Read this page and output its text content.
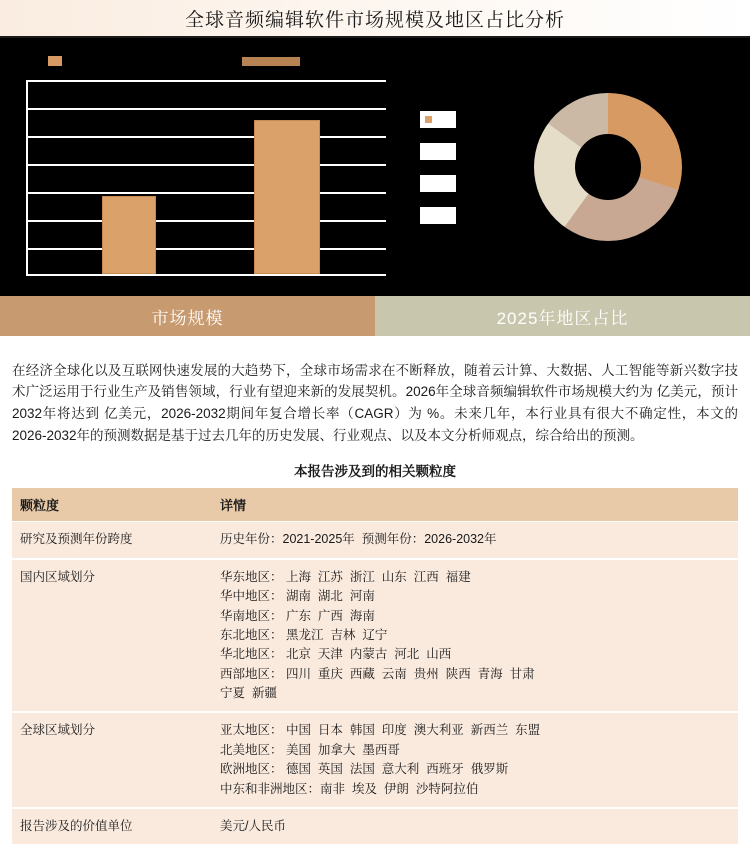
全球音频编辑软件市场规模及地区占比分析
市场规模	2025年地区占比

在经济全球化以及互联网快速发展的大趋势下，全球市场需求在不断释放，随着云计算、大数据、人工智能等新兴数字技术广泛运用于行业生产及销售领域，行业有望迎来新的发展契机。2026年全球音频编辑软件市场规模大约为 亿美元，预计2032年将达到 亿美元，2026-2032期间年复合增长率（CAGR）为 %。未来几年，本行业具有很大不确定性，本文的2026-2032年的预测数据是基于过去几年的历史发展、行业观点、以及本文分析师观点，综合给出的预测。

本报告涉及到的相关颗粒度
颗粒度	详情
研究及预测年份跨度	历史年份：2021-2025年  预测年份：2026-2032年

国内区域划分	华东地区： 上海  江苏  浙江  山东  江西  福建
华中地区： 湖南  湖北  河南
华南地区： 广东  广西  海南
东北地区： 黑龙江  吉林  辽宁
华北地区： 北京  天津  内蒙古  河北  山西
西部地区： 四川  重庆  西藏  云南  贵州  陕西  青海  甘肃
宁夏  新疆

全球区域划分	亚太地区： 中国  日本  韩国  印度  澳大利亚  新西兰  东盟
北美地区： 美国  加拿大  墨西哥
欧洲地区： 德国  英国  法国  意大利  西班牙  俄罗斯
中东和非洲地区：南非  埃及  伊朗  沙特阿拉伯

报告涉及的价值单位	美元/人民币
